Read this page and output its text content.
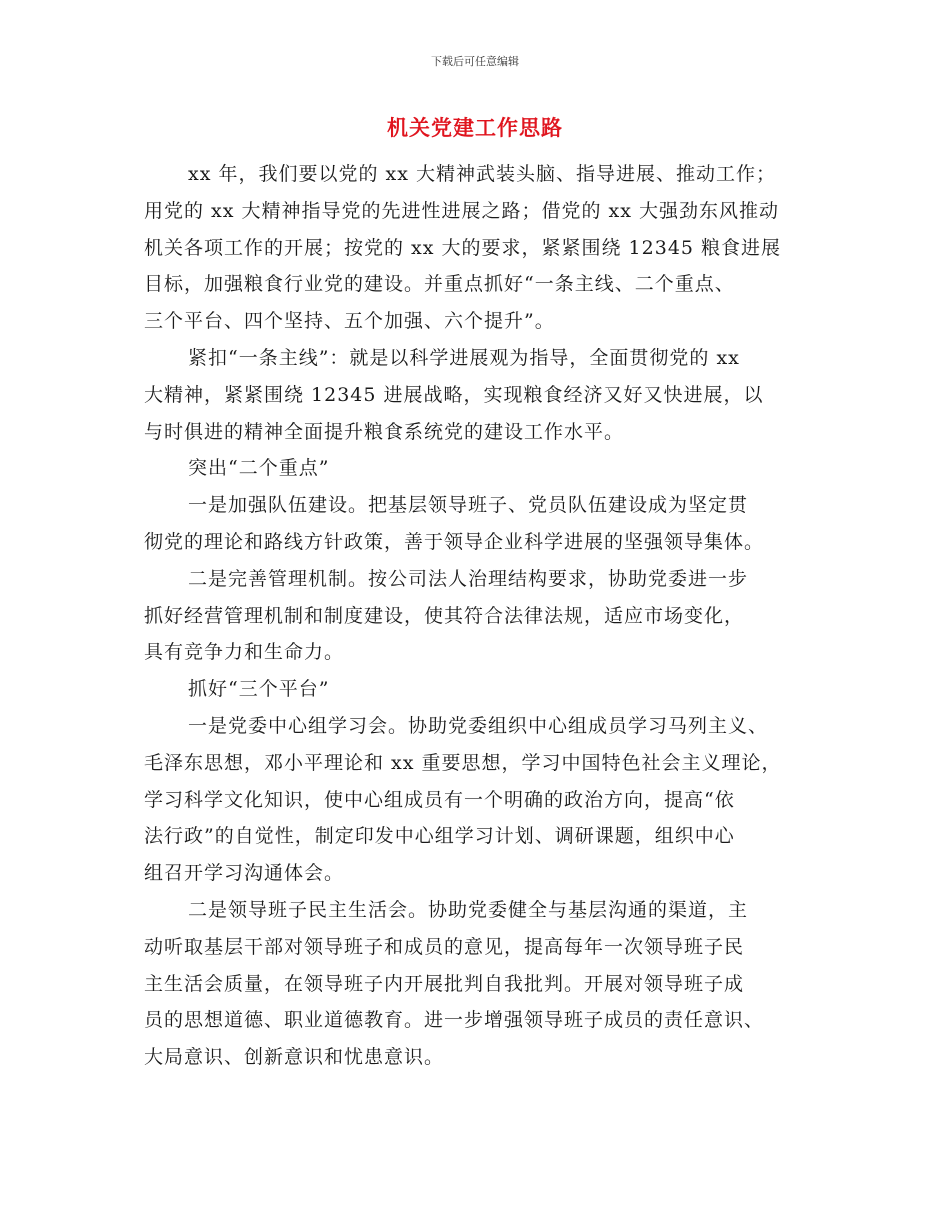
下载后可任意编辑
机关党建工作思路
xx 年，我们要以党的 xx 大精神武装头脑、指导进展、推动工作；
用党的 xx 大精神指导党的先进性进展之路；借党的 xx 大强劲东风推动
机关各项工作的开展；按党的 xx 大的要求，紧紧围绕 12345 粮食进展
目标，加强粮食行业党的建设。并重点抓好“一条主线、二个重点、
三个平台、四个坚持、五个加强、六个提升”。
紧扣“一条主线”：就是以科学进展观为指导，全面贯彻党的 xx
大精神，紧紧围绕 12345 进展战略，实现粮食经济又好又快进展，以
与时俱进的精神全面提升粮食系统党的建设工作水平。
突出“二个重点”
一是加强队伍建设。把基层领导班子、党员队伍建设成为坚定贯
彻党的理论和路线方针政策，善于领导企业科学进展的坚强领导集体。
二是完善管理机制。按公司法人治理结构要求，协助党委进一步
抓好经营管理机制和制度建设，使其符合法律法规，适应市场变化，
具有竞争力和生命力。
抓好“三个平台”
一是党委中心组学习会。协助党委组织中心组成员学习马列主义、
毛泽东思想，邓小平理论和 xx 重要思想，学习中国特色社会主义理论，
学习科学文化知识，使中心组成员有一个明确的政治方向，提高“依
法行政”的自觉性，制定印发中心组学习计划、调研课题，组织中心
组召开学习沟通体会。
二是领导班子民主生活会。协助党委健全与基层沟通的渠道，主
动听取基层干部对领导班子和成员的意见，提高每年一次领导班子民
主生活会质量，在领导班子内开展批判自我批判。开展对领导班子成
员的思想道德、职业道德教育。进一步增强领导班子成员的责任意识、
大局意识、创新意识和忧患意识。
